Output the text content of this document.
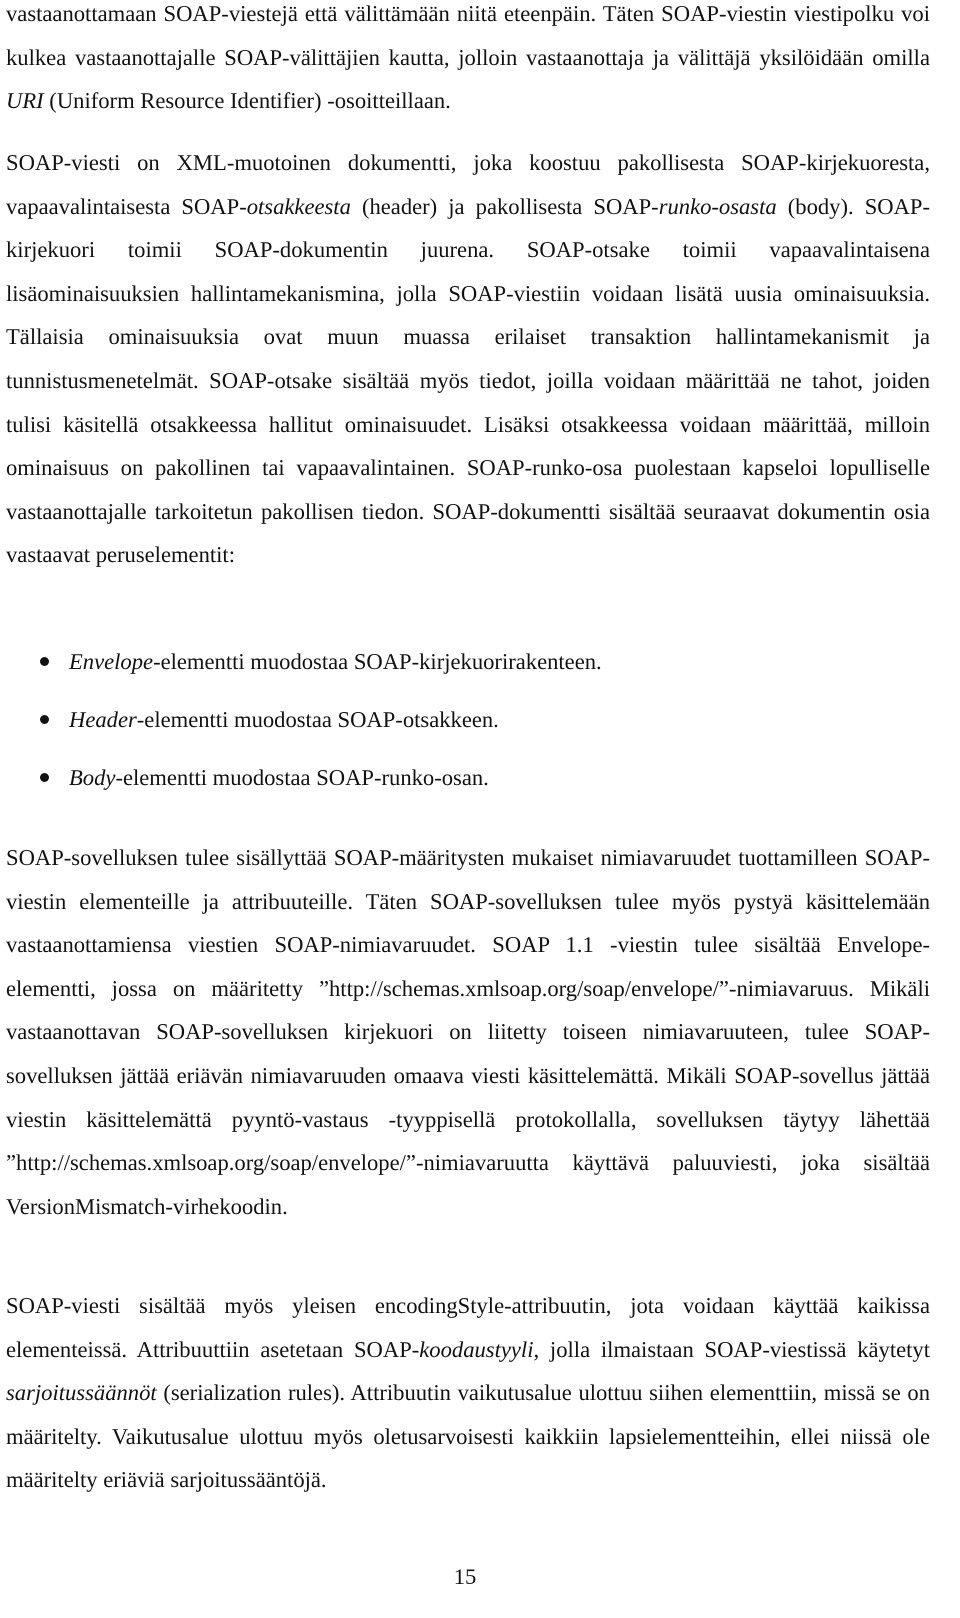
vastaanottamaan SOAP-viestejä että välittämään niitä eteenpäin. Täten SOAP-viestin viestipolku voi kulkea vastaanottajalle SOAP-välittäjien kautta, jolloin vastaanottaja ja välittäjä yksilöidään omilla URI (Uniform Resource Identifier) -osoitteillaan.

SOAP-viesti on XML-muotoinen dokumentti, joka koostuu pakollisesta SOAP-kirjekuoresta, vapaavalintaisesta SOAP-otsakkeesta (header) ja pakollisesta SOAP-runko-osasta (body). SOAP-kirjekuori toimii SOAP-dokumentin juurena. SOAP-otsake toimii vapaavalintaisena lisäominaisuuksien hallintamekanismina, jolla SOAP-viestiin voidaan lisätä uusia ominaisuuksia. Tällaisia ominaisuuksia ovat muun muassa erilaiset transaktion hallintamekanismit ja tunnistusmenetelmät. SOAP-otsake sisältää myös tiedot, joilla voidaan määrittää ne tahot, joiden tulisi käsitellä otsakkeessa hallitut ominaisuudet. Lisäksi otsakkeessa voidaan määrittää, milloin ominaisuus on pakollinen tai vapaavalintainen. SOAP-runko-osa puolestaan kapseloi lopulliselle vastaanottajalle tarkoitetun pakollisen tiedon. SOAP-dokumentti sisältää seuraavat dokumentin osia vastaavat peruselementit:

Envelope-elementti muodostaa SOAP-kirjekuorirakenteen.
Header-elementti muodostaa SOAP-otsakkeen.
Body-elementti muodostaa SOAP-runko-osan.

SOAP-sovelluksen tulee sisällyttää SOAP-määritysten mukaiset nimiavaruudet tuottamilleen SOAP-viestin elementeille ja attribuuteille. Täten SOAP-sovelluksen tulee myös pystyä käsittelemään vastaanottamiensa viestien SOAP-nimiavaruudet. SOAP 1.1 -viestin tulee sisältää Envelope-elementti, jossa on määritetty ”http://schemas.xmlsoap.org/soap/envelope/”-nimiavaruus. Mikäli vastaanottavan SOAP-sovelluksen kirjekuori on liitetty toiseen nimiavaruuteen, tulee SOAP-sovelluksen jättää eriävän nimiavaruuden omaava viesti käsittelemättä. Mikäli SOAP-sovellus jättää viestin käsittelemättä pyyntö-vastaus -tyyppisellä protokollalla, sovelluksen täytyy lähettää ”http://schemas.xmlsoap.org/soap/envelope/”-nimiavaruutta käyttävä paluuviesti, joka sisältää VersionMismatch-virhekoodin.

SOAP-viesti sisältää myös yleisen encodingStyle-attribuutin, jota voidaan käyttää kaikissa elementeissä. Attribuuttiin asetetaan SOAP-koodaustyyli, jolla ilmaistaan SOAP-viestissä käytetyt sarjoitussäännöt (serialization rules). Attribuutin vaikutusalue ulottuu siihen elementtiin, missä se on määritelty. Vaikutusalue ulottuu myös oletusarvoisesti kaikkiin lapsielementteihin, ellei niissä ole määritelty eriäviä sarjoitussääntöjä.

15
